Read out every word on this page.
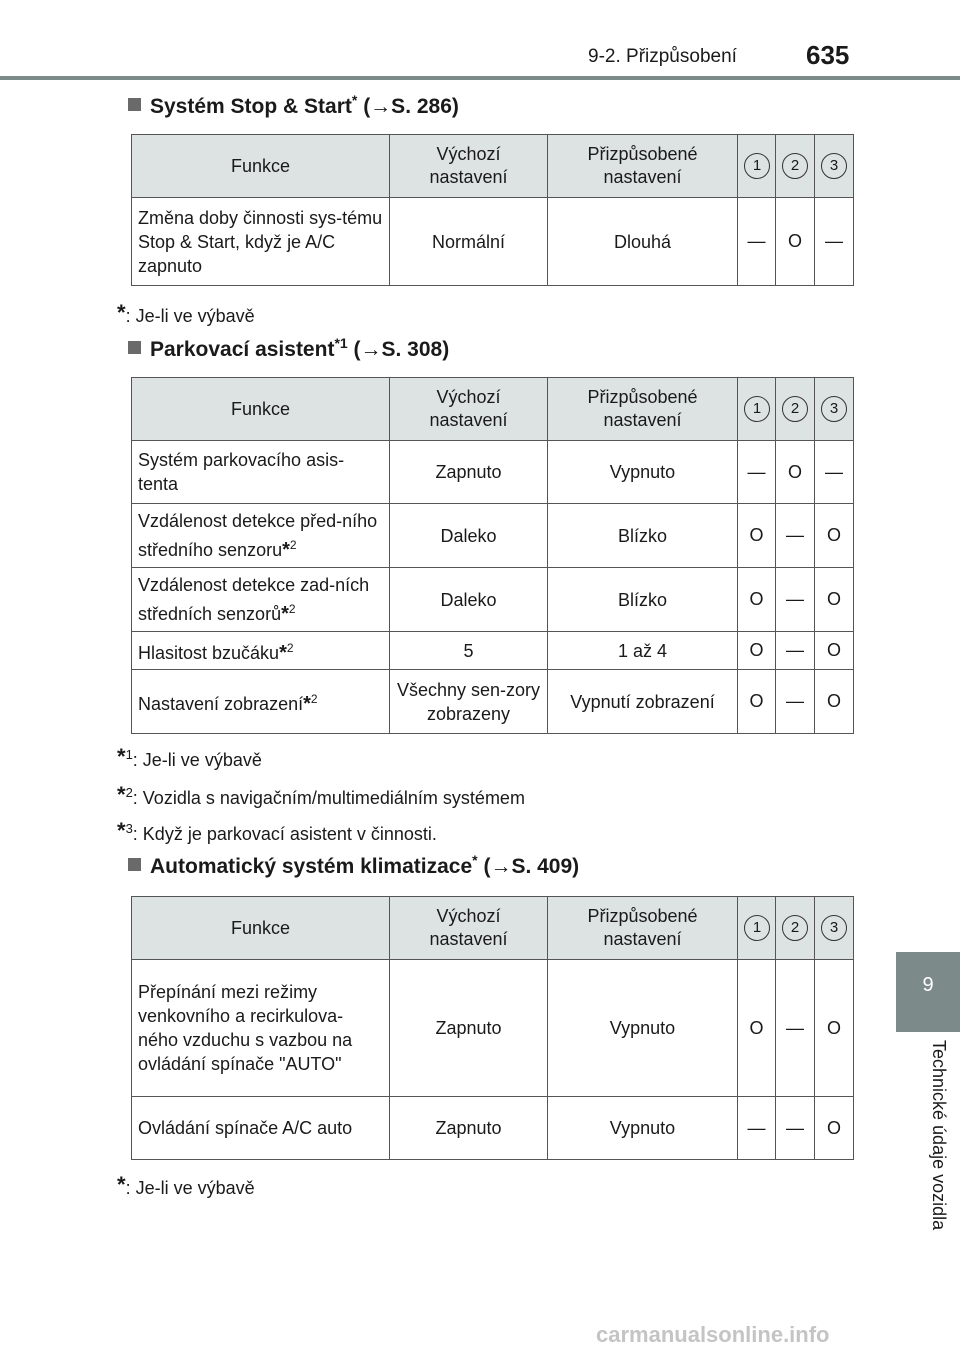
9-2. Přizpůsobení	635
9
Technické údaje vozidla
Systém Stop & Start* (→S. 286)
Funkce	Výchozí nastavení	Přizpůsobené nastavení	1	2	3
Změna doby činnosti sys-tému Stop & Start, když je A/C zapnuto	Normální	Dlouhá	—	O	—
*: Je-li ve výbavě
Parkovací asistent$^{*1}$ (→S. 308)
Funkce	Výchozí nastavení	Přizpůsobené nastavení	1	2	3
Systém parkovacího asis-tenta	Zapnuto	Vypnuto	—	O	—
Vzdálenost detekce před-ního středního senzoru*$^2$	Daleko	Blízko	O	—	O
Vzdálenost detekce zad-ních středních senzorů*$^2$	Daleko	Blízko	O	—	O
Hlasitost bzučáku*$^2$	5	1 až 4	O	—	O
Nastavení zobrazení*$^2$	Všechny sen-zory zobrazeny	Vypnutí zobrazení	O	—	O
*$^1$: Je-li ve výbavě
*$^2$: Vozidla s navigačním/multimediálním systémem
*$^3$: Když je parkovací asistent v činnosti.
Automatický systém klimatizace* (→S. 409)
Funkce	Výchozí nastavení	Přizpůsobené nastavení	1	2	3
Přepínání mezi režimy venkovního a recirkulova-ného vzduchu s vazbou na ovládání spínače "AUTO"	Zapnuto	Vypnuto	O	—	O
Ovládání spínače A/C auto	Zapnuto	Vypnuto	—	—	O
*: Je-li ve výbavě
carmanualsonline.info
